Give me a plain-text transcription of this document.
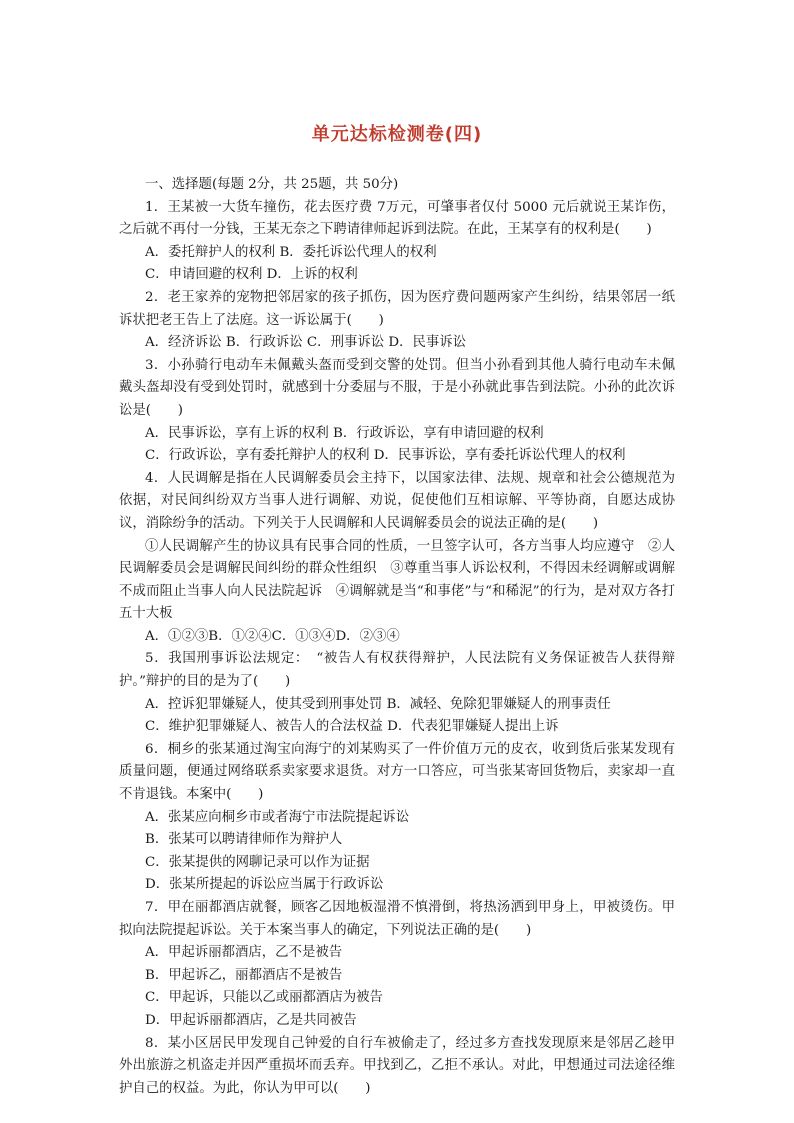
单元达标检测卷(四)
一、选择题(每题 2分，共 25题，共 50分)
1．王某被一大货车撞伤，花去医疗费 7万元，可肇事者仅付 5000 元后就说王某诈伤，之后就不再付一分钱，王某无奈之下聘请律师起诉到法院。在此，王某享有的权利是(　　)
A．委托辩护人的权利 B．委托诉讼代理人的权利
C．申请回避的权利 D．上诉的权利
2．老王家养的宠物把邻居家的孩子抓伤，因为医疗费问题两家产生纠纷，结果邻居一纸诉状把老王告上了法庭。这一诉讼属于(　　)
A．经济诉讼 B．行政诉讼 C．刑事诉讼 D．民事诉讼
3．小孙骑行电动车未佩戴头盔而受到交警的处罚。但当小孙看到其他人骑行电动车未佩戴头盔却没有受到处罚时，就感到十分委屈与不服，于是小孙就此事告到法院。小孙的此次诉讼是(　　)
A．民事诉讼，享有上诉的权利 B．行政诉讼，享有申请回避的权利
C．行政诉讼，享有委托辩护人的权利 D．民事诉讼，享有委托诉讼代理人的权利
4．人民调解是指在人民调解委员会主持下，以国家法律、法规、规章和社会公德规范为依据，对民间纠纷双方当事人进行调解、劝说，促使他们互相谅解、平等协商，自愿达成协议，消除纷争的活动。下列关于人民调解和人民调解委员会的说法正确的是(　　)
①人民调解产生的协议具有民事合同的性质，一旦签字认可，各方当事人均应遵守　②人民调解委员会是调解民间纠纷的群众性组织　③尊重当事人诉讼权利，不得因未经调解或调解不成而阻止当事人向人民法院起诉　④调解就是当“和事佬”与“和稀泥”的行为，是对双方各打五十大板
A．①②③B．①②④C．①③④D．②③④
5．我国刑事诉讼法规定：　“被告人有权获得辩护，人民法院有义务保证被告人获得辩护。”辩护的目的是为了(　　)
A．控诉犯罪嫌疑人，使其受到刑事处罚 B．减轻、免除犯罪嫌疑人的刑事责任
C．维护犯罪嫌疑人、被告人的合法权益 D．代表犯罪嫌疑人提出上诉
6．桐乡的张某通过淘宝向海宁的刘某购买了一件价值万元的皮衣，收到货后张某发现有质量问题，便通过网络联系卖家要求退货。对方一口答应，可当张某寄回货物后，卖家却一直不肯退钱。本案中(　　)
A．张某应向桐乡市或者海宁市法院提起诉讼
B．张某可以聘请律师作为辩护人
C．张某提供的网聊记录可以作为证据
D．张某所提起的诉讼应当属于行政诉讼
7．甲在丽都酒店就餐，顾客乙因地板湿滑不慎滑倒，将热汤洒到甲身上，甲被烫伤。甲拟向法院提起诉讼。关于本案当事人的确定，下列说法正确的是(　　)
A．甲起诉丽都酒店，乙不是被告
B．甲起诉乙，丽都酒店不是被告
C．甲起诉，只能以乙或丽都酒店为被告
D．甲起诉丽都酒店，乙是共同被告
8．某小区居民甲发现自己钟爱的自行车被偷走了，经过多方查找发现原来是邻居乙趁甲外出旅游之机盗走并因严重损坏而丢弃。甲找到乙，乙拒不承认。对此，甲想通过司法途径维护自己的权益。为此，你认为甲可以(　　)
